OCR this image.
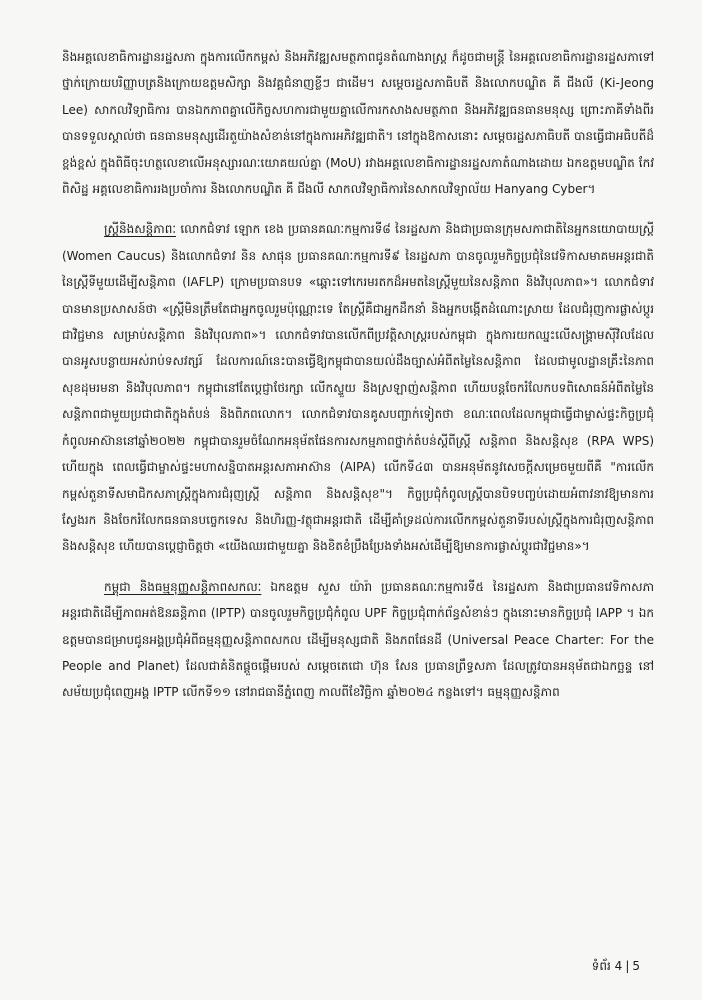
និងអគ្គលេខាធិការដ្ឋានរដ្ឋសភា ក្នុងការលើកកម្ពស់ និងអភិវឌ្ឍសមត្ថភាពជូនតំណាងរាស្ត្រ ក៏ដូចជាមន្ត្រី នៃអគ្គលេខាធិការដ្ឋានរដ្ឋសភាទៅ ថ្នាក់ក្រោយបរិញ្ញាបត្រនិងក្រោយឧត្តមសិក្សា និងវគ្គជំនាញខ្លីៗ ជាដើម។ សម្តេចរដ្ឋសភាធិបតី និងលោកបណ្ឌិត គី ជីងលី (Ki-Jeong Lee) សាកលវិទ្យាធិការ បានឯកភាពគ្នាលើកិច្ចសហការជាមួយគ្នាលើការកសាងសមត្ថភាព និងអភិវឌ្ឍធនធានមនុស្ស ព្រោះភាគីទាំងពីរបានទទួលស្គាល់ថា ធនធានមនុស្សដើរតួយ៉ាងសំខាន់នៅក្នុងការអភិវឌ្ឍជាតិ។ នៅក្នុងឱកាសនោះ សម្តេចរដ្ឋសភាធិបតី បានធ្វើជាអធិបតីដ៏ខ្ពង់ខ្ពស់ ក្នុងពិធីចុះហត្ថលេខាលើអនុស្សារណៈយោគយល់គ្នា (MoU) រវាងអគ្គលេខាធិការដ្ឋានរដ្ឋសភាតំណាងដោយ ឯកឧត្តមបណ្ឌិត កែវ ពិសិដ្ឋ អគ្គលេខាធិការរងប្រចាំការ និងលោកបណ្ឌិត គី ជីងលី សាកលវិទ្យាធិការនៃសាកលវិទ្យាល័យ Hanyang Cyber។

ស្ត្រីនិងសន្តិភាពៈ លោកជំទាវ ឡោក ខេង ប្រធានគណៈកម្មការទី៨ នៃរដ្ឋសភា និងជាប្រធានក្រុមសភាជាតិនៃអ្នកនយោបាយស្ត្រី (Women Caucus) និងលោកជំទាវ និន សាផុន ប្រធានគណៈកម្មការទី៩ នៃរដ្ឋសភា បានចូលរួមកិច្ចប្រជុំនៃវេទិកាសមាគមអន្តរជាតិនៃស្ត្រីទីមួយដើម្បីសន្តិភាព (IAFLP) ក្រោមប្រធានបទ «ឆ្ពោះទៅកេរមរតកដ៏អមតនៃស្ត្រីមួយនៃសន្តិភាព និងវិបុលភាព»។ លោកជំទាវបានមានប្រសាសន៍ថា «ស្ត្រីមិនត្រឹមតែជាអ្នកចូលរួមប៉ុណ្ណោះទេ តែស្ត្រីគឺជាអ្នកដឹកនាំ និងអ្នកបង្កើតដំណោះស្រាយ ដែលជំរុញការផ្លាស់ប្តូរជាវិជ្ជមាន សម្រាប់សន្តិភាព និងវិបុលភាព»។ លោកជំទាវបានលើកពីប្រវត្តិសាស្ត្ររបស់កម្ពុជា ក្នុងការយកឈ្នះលើសង្គ្រាមស៊ីវិលដែលបានអូសបន្លាយអស់រាប់ទសវត្សរ៍ ដែលការណ៍នេះបានធ្វើឱ្យកម្ពុជាបានយល់ដឹងច្បាស់អំពីតម្លៃនៃសន្តិភាព ដែលជាមូលដ្ឋានគ្រឹះនៃភាពសុខដុមរមនា និងវិបុលភាព។ កម្ពុជានៅតែប្តេជ្ញាថែរក្សា លើកស្ទួយ និងស្រឡាញ់សន្តិភាព ហើយបន្តចែករំលែកបទពិសោធន៍អំពីតម្លៃនៃសន្តិភាពជាមួយប្រជាជាតិក្នុងតំបន់ និងពិភពលោក។ លោកជំទាវបានគូសបញ្ជាក់ទៀតថា ខណៈពេលដែលកម្ពុជាធ្វើជាម្ចាស់ផ្ទះកិច្ចប្រជុំកំពូលអាស៊ាននៅឆ្នាំ២០២២ កម្ពុជាបានរួមចំណែកអនុម័តផែនការសកម្មភាពថ្នាក់តំបន់ស្តីពីស្ត្រី សន្តិភាព និងសន្តិសុខ (RPA WPS) ហើយក្នុង ពេលធ្វើជាម្ចាស់ផ្ទះមហាសន្និបាតអន្តរសភាអាស៊ាន (AIPA) លើកទី៤៣ បានអនុម័តនូវសេចក្តីសម្រេចមួយពីគឺ "ការលើកកម្ពស់តួនាទីសមាជិកសភាស្ត្រីក្នុងការជំរុញស្ត្រី សន្តិភាព និងសន្តិសុខ"។ កិច្ចប្រជុំកំពូលស្ត្រីបានបិទបញ្ចប់ដោយអំពាវនាវឱ្យមានការស្វែងរក និងចែករំលែកធនធានបច្ចេកទេស និងហិរញ្ញ-វត្ថុជាអន្តរជាតិ ដើម្បីគាំទ្រដល់ការលើកកម្ពស់តួនាទីរបស់ស្ត្រីក្នុងការជំរុញសន្តិភាព និងសន្តិសុខ ហើយបានប្តេជ្ញាចិត្តថា «យើងឈរជាមួយគ្នា និងខិតខំប្រឹងប្រែងទាំងអស់ដើម្បីឱ្យមានការផ្លាស់ប្តូរជាវិជ្ជមាន»។

កម្ពុជា និងធម្មនុញ្ញសន្តិភាពសកលៈ ឯកឧត្តម សួស យ៉ារ៉ា ប្រធានគណៈកម្មការទី៥ នៃរដ្ឋសភា និងជាប្រធានវេទិកាសភាអន្តរជាតិដើម្បីភាពអត់ឱនឆន្តិភាព (IPTP) បានចូលរួមកិច្ចប្រជុំកំពូល UPF កិច្ចប្រជុំពាក់ព័ន្ធសំខាន់ៗ ក្នុងនោះមានកិច្ចប្រជុំ IAPP ។ ឯកឧត្តមបានជម្រាបជូនអង្គប្រជុំអំពីធម្មនុញ្ញសន្តិភាពសកល ដើម្បីមនុស្សជាតិ និងភពផែនដី (Universal Peace Charter: For the People and Planet) ដែលជាគំនិតផ្តួចផ្តើមរបស់ សម្តេចតេជោ ហ៊ុន សែន ប្រធានព្រឹទ្ធសភា ដែលត្រូវបានអនុម័តជាឯកច្ឆន្ទ នៅសម័យប្រជុំពេញអង្គ IPTP លើកទី១១ នៅរាជធានីភ្នំពេញ កាលពីខែវិច្ឆិកា ឆ្នាំ២០២៤ កន្លងទៅ។ ធម្មនុញ្ញសន្តិភាព

ទំព័រ 4 | 5
